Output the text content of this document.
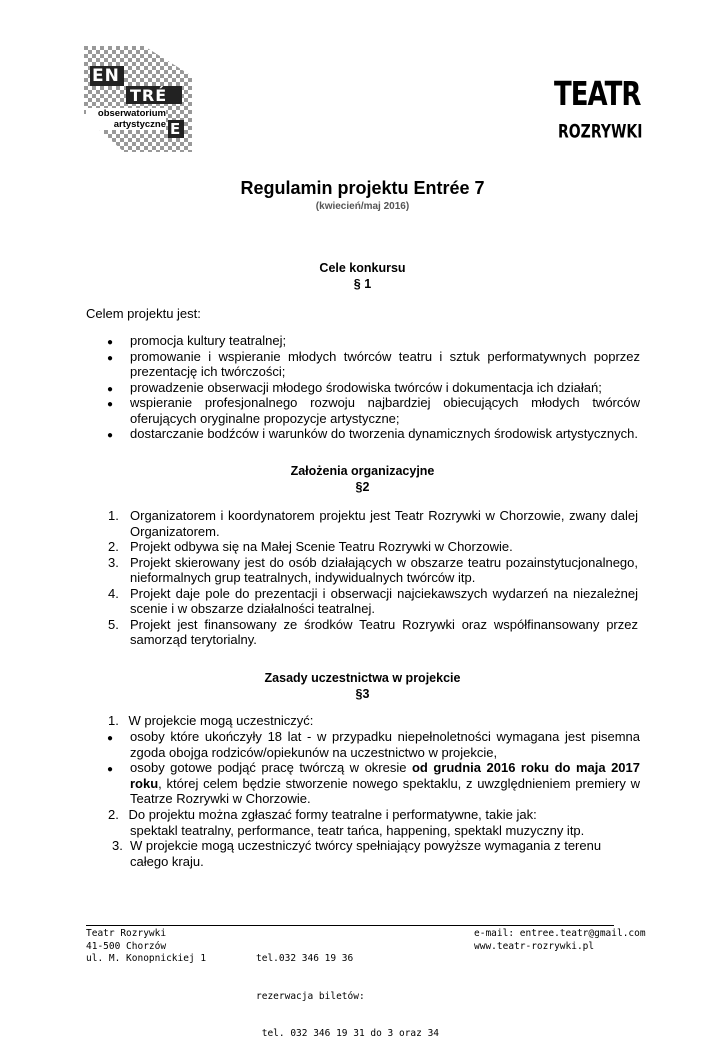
EN
TRÉ
E
obserwatorium
artystyczne
TEATR
ROZRYWKI
Regulamin projektu Entrée 7
(kwiecień/maj 2016)
Cele konkursu
§ 1
Celem projektu jest:
● promocja kultury teatralnej;
● promowanie i wspieranie młodych twórców teatru i sztuk performatywnych poprzez prezentację ich twórczości;
● prowadzenie obserwacji młodego środowiska twórców i dokumentacja ich działań;
● wspieranie profesjonalnego rozwoju najbardziej obiecujących młodych twórców oferujących oryginalne propozycje artystyczne;
● dostarczanie bodźców i warunków do tworzenia dynamicznych środowisk artystycznych.
Założenia organizacyjne
§2
1. Organizatorem i koordynatorem projektu jest Teatr Rozrywki w Chorzowie, zwany dalej Organizatorem.
2. Projekt odbywa się na Małej Scenie Teatru Rozrywki w Chorzowie.
3. Projekt skierowany jest do osób działających w obszarze teatru pozainstytucjonalnego, nieformalnych grup teatralnych, indywidualnych twórców itp.
4. Projekt daje pole do prezentacji i obserwacji najciekawszych wydarzeń na niezależnej scenie i w obszarze działalności teatralnej.
5. Projekt jest finansowany ze środków Teatru Rozrywki oraz współfinansowany przez samorząd terytorialny.
Zasady uczestnictwa w projekcie
§3
1. W projekcie mogą uczestniczyć:
● osoby które ukończyły 18 lat - w przypadku niepełnoletności wymagana jest pisemna zgoda obojga rodziców/opiekunów na uczestnictwo w projekcie,
● osoby gotowe podjąć pracę twórczą w okresie od grudnia 2016 roku do maja 2017 roku, której celem będzie stworzenie nowego spektaklu, z uwzględnieniem premiery w Teatrze Rozrywki w Chorzowie.
2. Do projektu można zgłaszać formy teatralne i performatywne, takie jak:
spektakl teatralny, performance, teatr tańca, happening, spektakl muzyczny itp.
3. W projekcie mogą uczestniczyć twórcy spełniający powyższe wymagania z terenu całego kraju.
Teatr Rozrywki
41-500 Chorzów
ul. M. Konopnickiej 1

	tel.032 346 19 36

rezerwacja biletów:

tel. 032 346 19 31 do 3 oraz 34

e-mail: entree.teatr@gmail.com
www.teatr-rozrywki.pl
